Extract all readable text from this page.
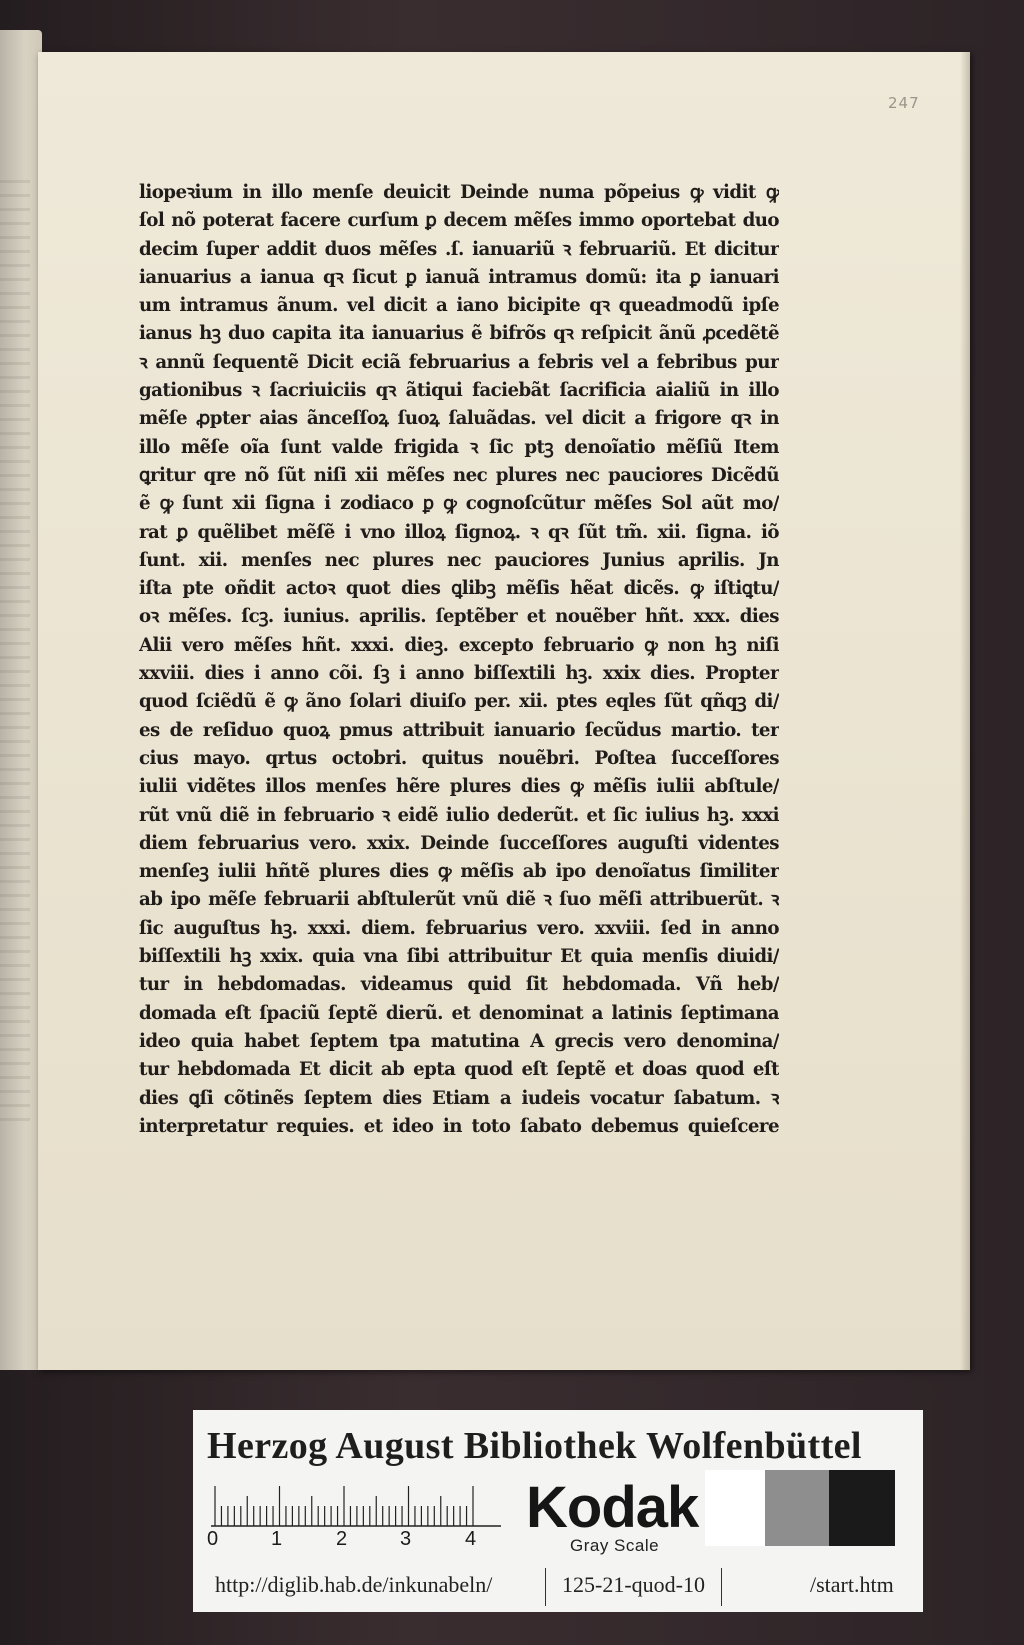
247
liopeꝛium in illo menſe deuicit Deinde numa põpeius ꝙ vidit ꝙ
ſol nõ poterat facere curſum ꝑ decem mẽſes immo oportebat duo
decim ſuper addit duos mẽſes .ſ. ianuariũ ꝛ februariũ. Et dicitur
ianuarius a ianua qꝛ ſicut ꝑ ianuã intramus domũ: ita ꝑ ianuari
um intramus ãnum. vel dicit a iano bicipite qꝛ queadmodũ ipſe
ianus hꝫ duo capita ita ianuarius ẽ bifrõs qꝛ reſpicit ãnũ ꝓcedẽtẽ
ꝛ annũ ſequentẽ Dicit eciã februarius a febris vel a febribus pur
gationibus ꝛ ſacriuiciis qꝛ ãtiqui faciebãt ſacrificia aialiũ in illo
mẽſe ꝓpter aias ãnceſſoꝝ ſuoꝝ ſaluãdas. vel dicit a frigore qꝛ in
illo mẽſe oĩa ſunt valde frigida ꝛ ſic ptꝫ denoĩatio mẽſiũ Item
ꝗritur qre nõ ſũt niſi xii mẽſes nec plures nec pauciores Dicẽdũ
ẽ ꝙ ſunt xii ſigna i zodiaco ꝑ ꝙ cognoſcũtur mẽſes Sol aũt mo/
rat ꝑ quẽlibet mẽſẽ i vno illoꝝ ſignoꝝ. ꝛ qꝛ ſũt tm̃. xii. ſigna. iõ
ſunt. xii. menſes nec plures nec pauciores Junius aprilis. Jn
iſta pte oñdit actoꝛ quot dies ꝗlibꝫ mẽſis hẽat dicẽs. ꝙ iſtiꝗtu/
oꝛ mẽſes. ſcꝫ. iunius. aprilis. ſeptẽber et nouẽber hñt. xxx. dies
Alii vero mẽſes hñt. xxxi. dieꝫ. excepto februario ꝙ non hꝫ niſi
xxviii. dies i anno cõi. ſꝫ i anno biſſextili hꝫ. xxix dies. Propter
quod ſciẽdũ ẽ ꝙ ãno ſolari diuiſo per. xii. ptes eqles ſũt qñqꝫ di/
es de reſiduo quoꝝ pmus attribuit ianuario ſecũdus martio. ter
cius mayo. qrtus octobri. quitus nouẽbri. Poſtea ſucceſſores
iulii vidẽtes illos menſes hẽre plures dies ꝙ mẽſis iulii abſtule/
rũt vnũ diẽ in februario ꝛ eidẽ iulio dederũt. et ſic iulius hꝫ. xxxi
diem februarius vero. xxix. Deinde ſucceſſores auguſti videntes
menſeꝫ iulii hñtẽ plures dies ꝙ mẽſis ab ipo denoĩatus ſimiliter
ab ipo mẽſe februarii abſtulerũt vnũ diẽ ꝛ ſuo mẽſi attribuerũt. ꝛ
ſic auguſtus hꝫ. xxxi. diem. februarius vero. xxviii. ſed in anno
biſſextili hꝫ xxix. quia vna ſibi attribuitur Et quia menſis diuidi/
tur in hebdomadas. videamus quid ſit hebdomada. Vñ heb/
domada eſt ſpaciũ ſeptẽ dierũ. et denominat a latinis ſeptimana
ideo quia habet ſeptem tpa matutina A grecis vero denomina/
tur hebdomada Et dicit ab epta quod eſt ſeptẽ et doas quod eſt
dies ꝗſi cõtinẽs ſeptem dies Etiam a iudeis vocatur ſabatum. ꝛ
interpretatur requies. et ideo in toto ſabato debemus quieſcere
Herzog August Bibliothek Wolfenbüttel
0	1	2	3	4 Kodak
Gray Scale
http://diglib.hab.de/inkunabeln/	125-21-quod-10	/start.htm
